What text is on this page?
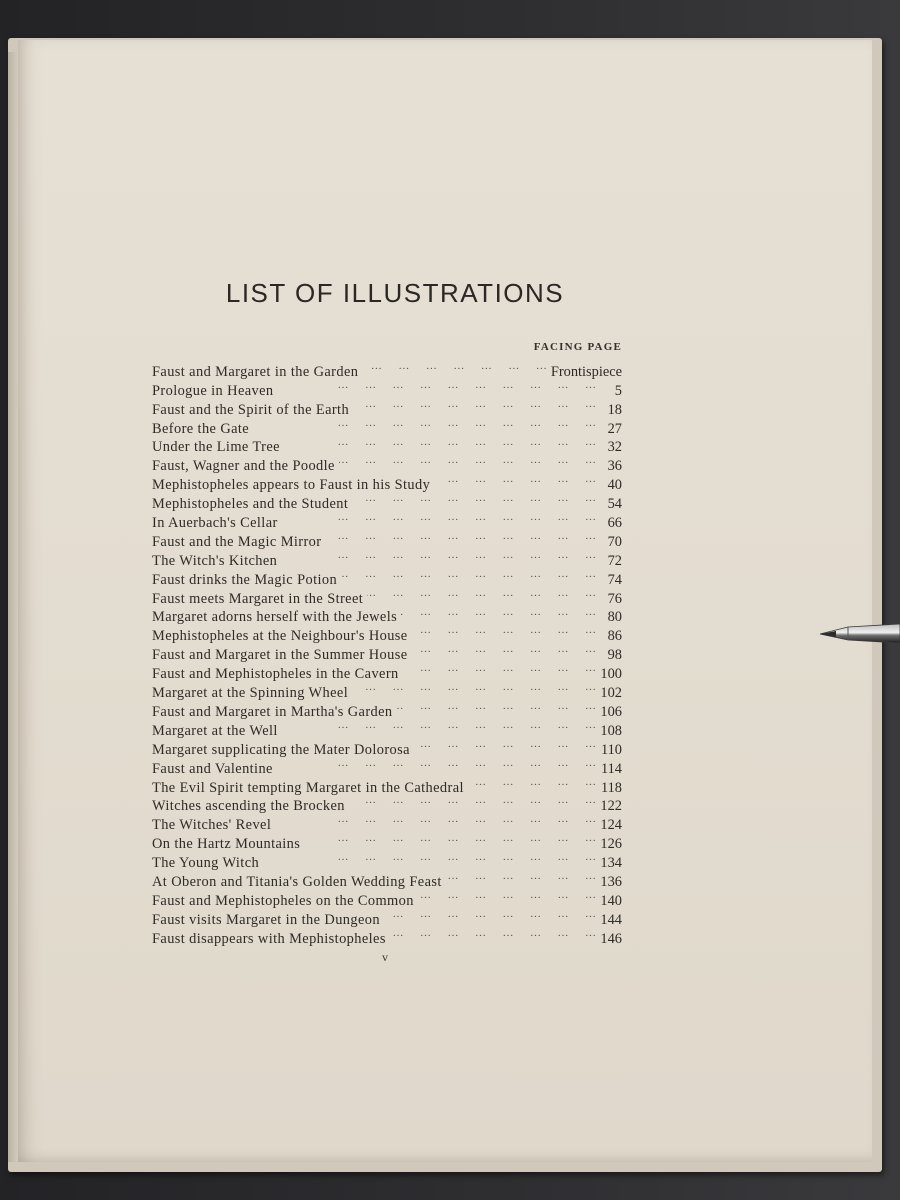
LIST OF ILLUSTRATIONS
FACING PAGE
Faust and Margaret in the Garden …      …      …      …      …      …      …      …      …      …	Frontispiece
Prologue in Heaven …      …      …      …      …      …      …      …      …      …	5
Faust and the Spirit of the Earth …      …      …      …      …      …      …      …      …      …	18
Before the Gate …      …      …      …      …      …      …      …      …      …	27
Under the Lime Tree …      …      …      …      …      …      …      …      …      …	32
Faust, Wagner and the Poodle …      …      …      …      …      …      …      …      …      …	36
Mephistopheles appears to Faust in his Study …      …      …      …      …      …      …      …      …      …	40
Mephistopheles and the Student …      …      …      …      …      …      …      …      …      …	54
In Auerbach's Cellar …      …      …      …      …      …      …      …      …      …	66
Faust and the Magic Mirror …      …      …      …      …      …      …      …      …      …	70
The Witch's Kitchen …      …      …      …      …      …      …      …      …      …	72
Faust drinks the Magic Potion …      …      …      …      …      …      …      …      …      …	74
Faust meets Margaret in the Street …      …      …      …      …      …      …      …      …      …	76
Margaret adorns herself with the Jewels …      …      …      …      …      …      …      …      …      …	80
Mephistopheles at the Neighbour's House …      …      …      …      …      …      …      …      …      …	86
Faust and Margaret in the Summer House …      …      …      …      …      …      …      …      …      …	98
Faust and Mephistopheles in the Cavern …      …      …      …      …      …      …      …      …      …	100
Margaret at the Spinning Wheel …      …      …      …      …      …      …      …      …      …	102
Faust and Margaret in Martha's Garden …      …      …      …      …      …      …      …      …      …	106
Margaret at the Well …      …      …      …      …      …      …      …      …      …	108
Margaret supplicating the Mater Dolorosa …      …      …      …      …      …      …      …      …      …	110
Faust and Valentine …      …      …      …      …      …      …      …      …      …	114
The Evil Spirit tempting Margaret in the Cathedral …      …      …      …      …      …      …      …      …      …	118
Witches ascending the Brocken …      …      …      …      …      …      …      …      …      …	122
The Witches' Revel …      …      …      …      …      …      …      …      …      …	124
On the Hartz Mountains …      …      …      …      …      …      …      …      …      …	126
The Young Witch …      …      …      …      …      …      …      …      …      …	134
At Oberon and Titania's Golden Wedding Feast …      …      …      …      …      …      …      …      …      …	136
Faust and Mephistopheles on the Common …      …      …      …      …      …      …      …      …      …	140
Faust visits Margaret in the Dungeon …      …      …      …      …      …      …      …      …      …	144
Faust disappears with Mephistopheles …      …      …      …      …      …      …      …      …      …	146
v
